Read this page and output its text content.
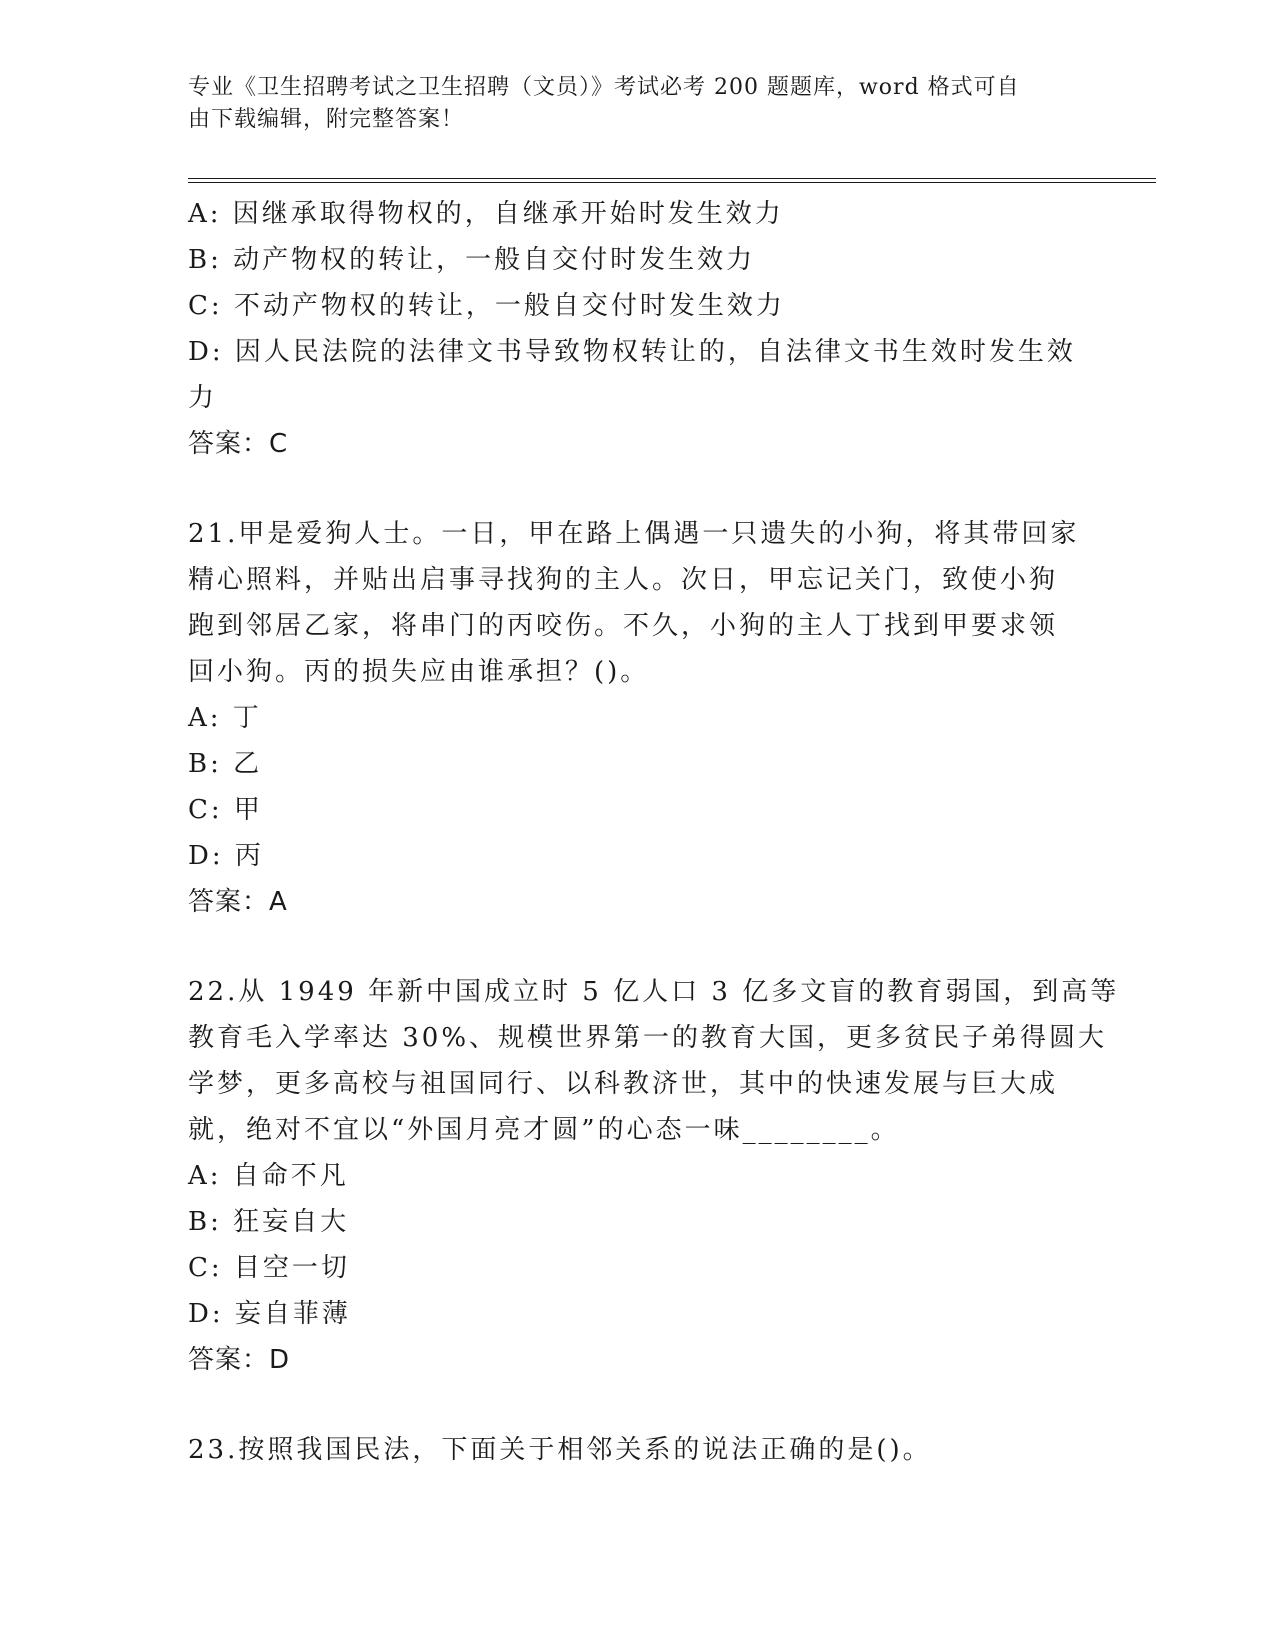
专业《卫生招聘考试之卫生招聘（文员）》考试必考 200 题题库，word 格式可自
由下载编辑，附完整答案！

A: 因继承取得物权的，自继承开始时发生效力

B: 动产物权的转让，一般自交付时发生效力

C: 不动产物权的转让，一般自交付时发生效力

D: 因人民法院的法律文书导致物权转让的，自法律文书生效时发生效

力

答案：C

21.甲是爱狗人士。一日，甲在路上偶遇一只遗失的小狗，将其带回家

精心照料，并贴出启事寻找狗的主人。次日，甲忘记关门，致使小狗

跑到邻居乙家，将串门的丙咬伤。不久，小狗的主人丁找到甲要求领

回小狗。丙的损失应由谁承担？()。

A: 丁

B: 乙

C: 甲

D: 丙

答案：A

22.从 1949 年新中国成立时 5 亿人口 3 亿多文盲的教育弱国，到高等

教育毛入学率达 30%、规模世界第一的教育大国，更多贫民子弟得圆大

学梦，更多高校与祖国同行、以科教济世，其中的快速发展与巨大成

就，绝对不宜以“外国月亮才圆”的心态一味________。

A: 自命不凡

B: 狂妄自大

C: 目空一切

D: 妄自菲薄

答案：D

23.按照我国民法，下面关于相邻关系的说法正确的是()。
